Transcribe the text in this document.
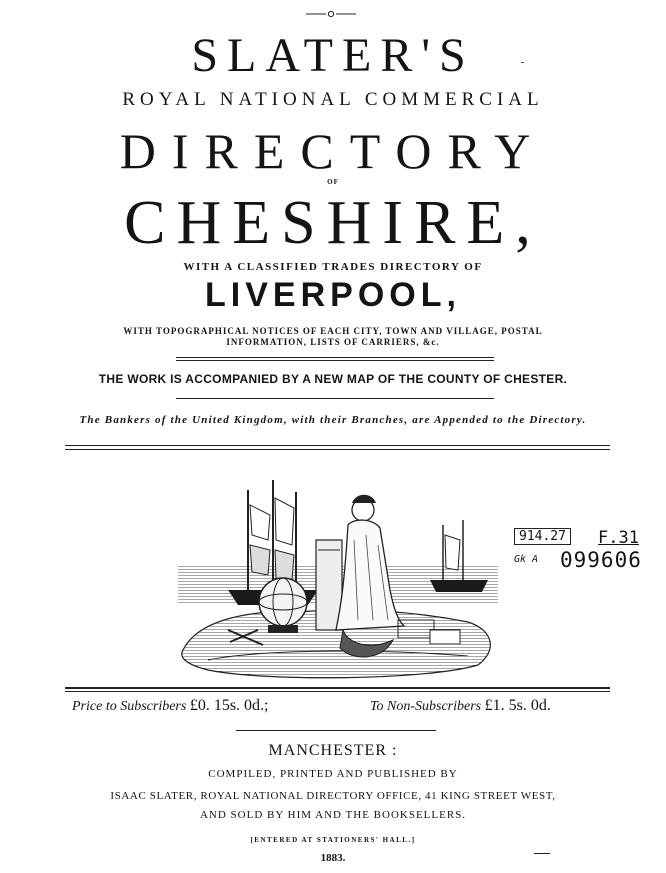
SLATER'S
ROYAL NATIONAL COMMERCIAL
DIRECTORY
OF
CHESHIRE,
WITH A CLASSIFIED TRADES DIRECTORY OF
LIVERPOOL,
WITH TOPOGRAPHICAL NOTICES OF EACH CITY, TOWN AND VILLAGE, POSTAL
INFORMATION, LISTS OF CARRIERS, &c.
THE WORK IS ACCOMPANIED BY A NEW MAP OF THE COUNTY OF CHESTER.
The Bankers of the United Kingdom, with their Branches, are Appended to the Directory.
914.27 F.31
Gk A 099606
Price to Subscribers £0. 15s. 0d.;	To Non-Subscribers £1. 5s. 0d.
MANCHESTER :
COMPILED, PRINTED AND PUBLISHED BY
ISAAC SLATER, ROYAL NATIONAL DIRECTORY OFFICE, 41 KING STREET WEST,
AND SOLD BY HIM AND THE BOOKSELLERS.
[ENTERED AT STATIONERS' HALL.]
1883.
